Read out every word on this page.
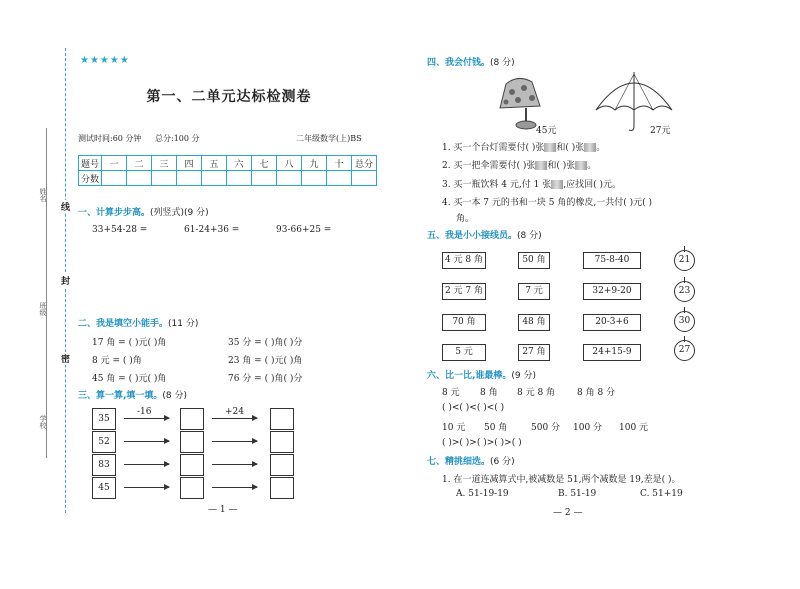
姓名
班级
学校
线
封
密
★★★★★
第一、二单元达标检测卷
测试时间:60 分钟 总分:100 分	二年级数学(上)BS
题号	一	二	三	四	五	六	七	八	九	十	总分
分数											
一、计算步步高。(列竖式)(9 分)
33+54-28 =	61-24+36 =	93-66+25 =
二、我是填空小能手。(11 分)
17 角 = ( )元( )角	35 分 = ( )角( )分
8 元 = ( )角	23 角 = ( )元( )角
45 角 = ( )元( )角	76 分 = ( )角( )分
三、算一算,填一填。(8 分)
-16	+24
35
52
83
45
— 1 —
四、我会付钱。(8 分)
45元	27元
1. 买一个台灯需要付( )张 和( )张 。
2. 买一把伞需要付( )张 和( )张 。
3. 买一瓶饮料 4 元,付 1 张 ,应找回( )元。
4. 买一本 7 元的书和一块 5 角的橡皮,一共付( )元( )
角。
五、我是小小接线员。(8 分)
4 元 8 角
2 元 7 角
70 角
5 元
50 角
7 元
48 角
27 角
75-8-40
32+9-20
20-3+6
24+15-9
21
23
30
27
六、比一比,谁最棒。(9 分)
8 元 8 角 8 元 8 角 8 角 8 分
( )<( )<( )<( )
10 元 50 角	500 分 100 分 100 元
( )>( )>( )>( )>( )
七、精挑细选。(6 分)
1. 在一道连减算式中,被减数是 51,两个减数是 19,差是( )。
A. 51-19-19	B. 51-19	C. 51+19
— 2 —
